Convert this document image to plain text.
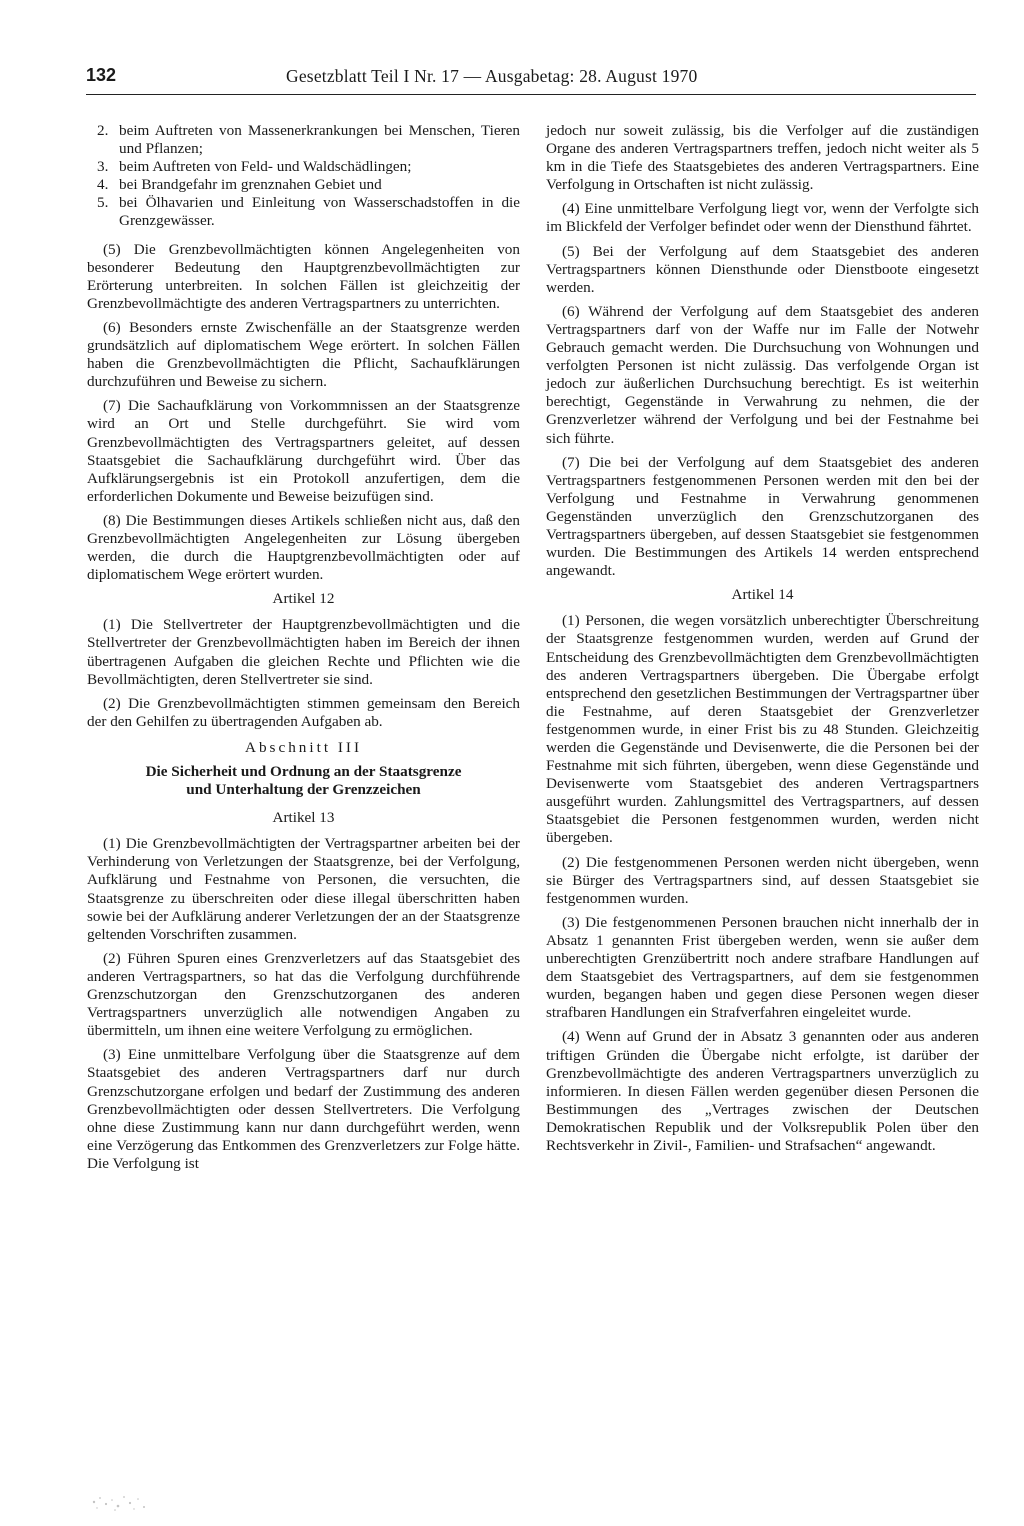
132	Gesetzblatt Teil I Nr. 17 — Ausgabetag: 28. August 1970
2. beim Auftreten von Massenerkrankungen bei Menschen, Tieren und Pflanzen;
3. beim Auftreten von Feld- und Waldschädlingen;
4. bei Brandgefahr im grenznahen Gebiet und
5. bei Ölhavarien und Einleitung von Wasserschadstoffen in die Grenzgewässer.

(5) Die Grenzbevollmächtigten können Angelegenheiten von besonderer Bedeutung den Hauptgrenzbevollmächtigten zur Erörterung unterbreiten. In solchen Fällen ist gleichzeitig der Grenzbevollmächtigte des anderen Vertragspartners zu unterrichten.

(6) Besonders ernste Zwischenfälle an der Staatsgrenze werden grundsätzlich auf diplomatischem Wege erörtert. In solchen Fällen haben die Grenzbevollmächtigten die Pflicht, Sachaufklärungen durchzuführen und Beweise zu sichern.

(7) Die Sachaufklärung von Vorkommnissen an der Staatsgrenze wird an Ort und Stelle durchgeführt. Sie wird vom Grenzbevollmächtigten des Vertragspartners geleitet, auf dessen Staatsgebiet die Sachaufklärung durchgeführt wird. Über das Aufklärungsergebnis ist ein Protokoll anzufertigen, dem die erforderlichen Dokumente und Beweise beizufügen sind.

(8) Die Bestimmungen dieses Artikels schließen nicht aus, daß den Grenzbevollmächtigten Angelegenheiten zur Lösung übergeben werden, die durch die Hauptgrenzbevollmächtigten oder auf diplomatischem Wege erörtert wurden.

Artikel 12

(1) Die Stellvertreter der Hauptgrenzbevollmächtigten und die Stellvertreter der Grenzbevollmächtigten haben im Bereich der ihnen übertragenen Aufgaben die gleichen Rechte und Pflichten wie die Bevollmächtigten, deren Stellvertreter sie sind.

(2) Die Grenzbevollmächtigten stimmen gemeinsam den Bereich der den Gehilfen zu übertragenden Aufgaben ab.

Abschnitt III
Die Sicherheit und Ordnung an der Staatsgrenze
und Unterhaltung der Grenzzeichen
Artikel 13

(1) Die Grenzbevollmächtigten der Vertragspartner arbeiten bei der Verhinderung von Verletzungen der Staatsgrenze, bei der Verfolgung, Aufklärung und Festnahme von Personen, die versuchten, die Staatsgrenze zu überschreiten oder diese illegal überschritten haben sowie bei der Aufklärung anderer Verletzungen der an der Staatsgrenze geltenden Vorschriften zusammen.

(2) Führen Spuren eines Grenzverletzers auf das Staatsgebiet des anderen Vertragspartners, so hat das die Verfolgung durchführende Grenzschutzorgan den Grenzschutzorganen des anderen Vertragspartners unverzüglich alle notwendigen Angaben zu übermitteln, um ihnen eine weitere Verfolgung zu ermöglichen.

(3) Eine unmittelbare Verfolgung über die Staatsgrenze auf dem Staatsgebiet des anderen Vertragspartners darf nur durch Grenzschutzorgane erfolgen und bedarf der Zustimmung des anderen Grenzbevollmächtigten oder dessen Stellvertreters. Die Verfolgung ohne diese Zustimmung kann nur dann durchgeführt werden, wenn eine Verzögerung das Entkommen des Grenzverletzers zur Folge hätte. Die Verfolgung ist

jedoch nur soweit zulässig, bis die Verfolger auf die zuständigen Organe des anderen Vertragspartners treffen, jedoch nicht weiter als 5 km in die Tiefe des Staatsgebietes des anderen Vertragspartners. Eine Verfolgung in Ortschaften ist nicht zulässig.

(4) Eine unmittelbare Verfolgung liegt vor, wenn der Verfolgte sich im Blickfeld der Verfolger befindet oder wenn der Diensthund fährtet.

(5) Bei der Verfolgung auf dem Staatsgebiet des anderen Vertragspartners können Diensthunde oder Dienstboote eingesetzt werden.

(6) Während der Verfolgung auf dem Staatsgebiet des anderen Vertragspartners darf von der Waffe nur im Falle der Notwehr Gebrauch gemacht werden. Die Durchsuchung von Wohnungen und verfolgten Personen ist nicht zulässig. Das verfolgende Organ ist jedoch zur äußerlichen Durchsuchung berechtigt. Es ist weiterhin berechtigt, Gegenstände in Verwahrung zu nehmen, die der Grenzverletzer während der Verfolgung und bei der Festnahme bei sich führte.

(7) Die bei der Verfolgung auf dem Staatsgebiet des anderen Vertragspartners festgenommenen Personen werden mit den bei der Verfolgung und Festnahme in Verwahrung genommenen Gegenständen unverzüglich den Grenzschutzorganen des Vertragspartners übergeben, auf dessen Staatsgebiet sie festgenommen wurden. Die Bestimmungen des Artikels 14 werden entsprechend angewandt.

Artikel 14

(1) Personen, die wegen vorsätzlich unberechtigter Überschreitung der Staatsgrenze festgenommen wurden, werden auf Grund der Entscheidung des Grenzbevollmächtigten dem Grenzbevollmächtigten des anderen Vertragspartners übergeben. Die Übergabe erfolgt entsprechend den gesetzlichen Bestimmungen der Vertragspartner über die Festnahme, auf deren Staatsgebiet der Grenzverletzer festgenommen wurde, in einer Frist bis zu 48 Stunden. Gleichzeitig werden die Gegenstände und Devisenwerte, die die Personen bei der Festnahme mit sich führten, übergeben, wenn diese Gegenstände und Devisenwerte vom Staatsgebiet des anderen Vertragspartners ausgeführt wurden. Zahlungsmittel des Vertragspartners, auf dessen Staatsgebiet die Personen festgenommen wurden, werden nicht übergeben.

(2) Die festgenommenen Personen werden nicht übergeben, wenn sie Bürger des Vertragspartners sind, auf dessen Staatsgebiet sie festgenommen wurden.

(3) Die festgenommenen Personen brauchen nicht innerhalb der in Absatz 1 genannten Frist übergeben werden, wenn sie außer dem unberechtigten Grenzübertritt noch andere strafbare Handlungen auf dem Staatsgebiet des Vertragspartners, auf dem sie festgenommen wurden, begangen haben und gegen diese Personen wegen dieser strafbaren Handlungen ein Strafverfahren eingeleitet wurde.

(4) Wenn auf Grund der in Absatz 3 genannten oder aus anderen triftigen Gründen die Übergabe nicht erfolgte, ist darüber der Grenzbevollmächtigte des anderen Vertragspartners unverzüglich zu informieren. In diesen Fällen werden gegenüber diesen Personen die Bestimmungen des „Vertrages zwischen der Deutschen Demokratischen Republik und der Volksrepublik Polen über den Rechtsverkehr in Zivil-, Familien- und Strafsachen“ angewandt.
